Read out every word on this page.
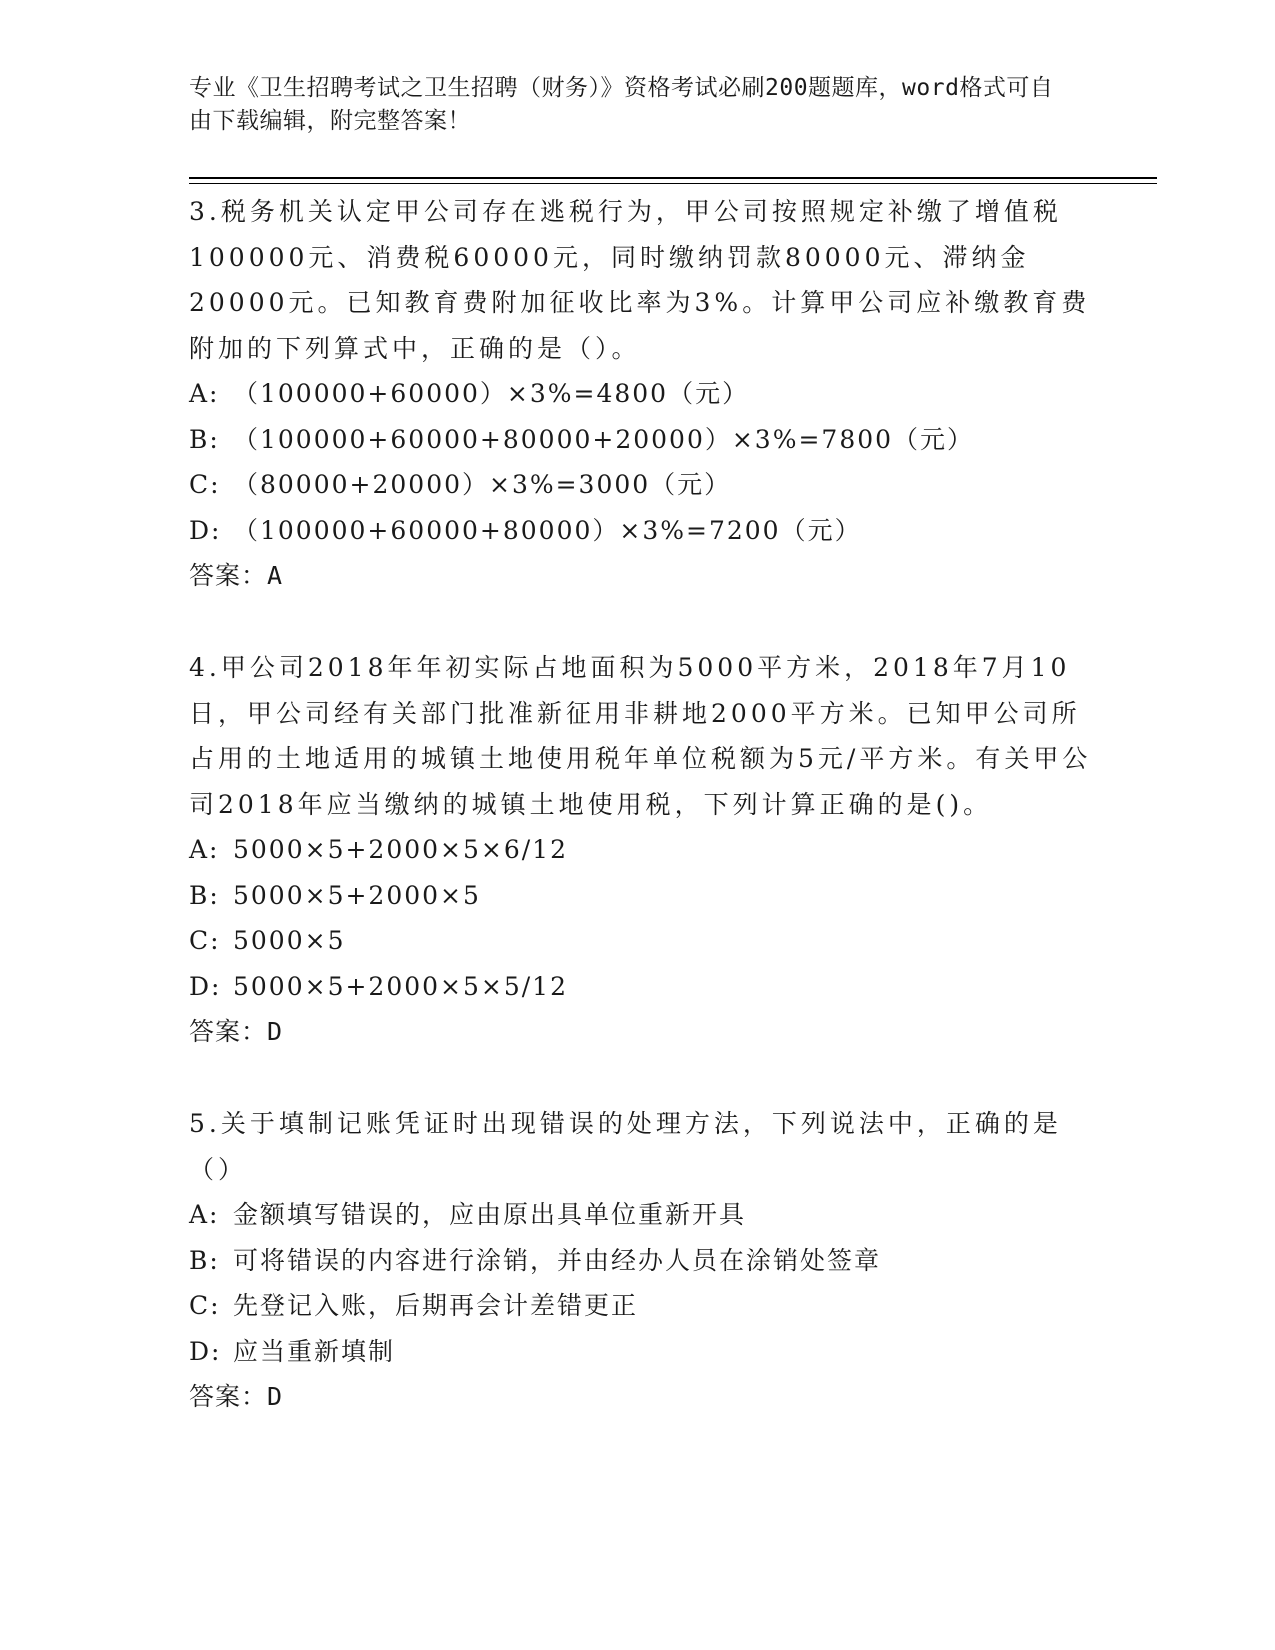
专业《卫生招聘考试之卫生招聘（财务）》资格考试必刷200题题库，word格式可自由下载编辑，附完整答案！
3.税务机关认定甲公司存在逃税行为，甲公司按照规定补缴了增值税100000元、消费税60000元，同时缴纳罚款80000元、滞纳金20000元。已知教育费附加征收比率为3%。计算甲公司应补缴教育费附加的下列算式中，正确的是（）。
A: （100000+60000）×3%=4800（元）
B: （100000+60000+80000+20000）×3%=7800（元）
C: （80000+20000）×3%=3000（元）
D: （100000+60000+80000）×3%=7200（元）
答案：A
4.甲公司2018年年初实际占地面积为5000平方米，2018年7月10日，甲公司经有关部门批准新征用非耕地2000平方米。已知甲公司所占用的土地适用的城镇土地使用税年单位税额为5元/平方米。有关甲公司2018年应当缴纳的城镇土地使用税，下列计算正确的是()。
A: 5000×5+2000×5×6/12
B: 5000×5+2000×5
C: 5000×5
D: 5000×5+2000×5×5/12
答案：D
5.关于填制记账凭证时出现错误的处理方法，下列说法中，正确的是（）
A: 金额填写错误的，应由原出具单位重新开具
B: 可将错误的内容进行涂销，并由经办人员在涂销处签章
C: 先登记入账，后期再会计差错更正
D: 应当重新填制
答案：D
